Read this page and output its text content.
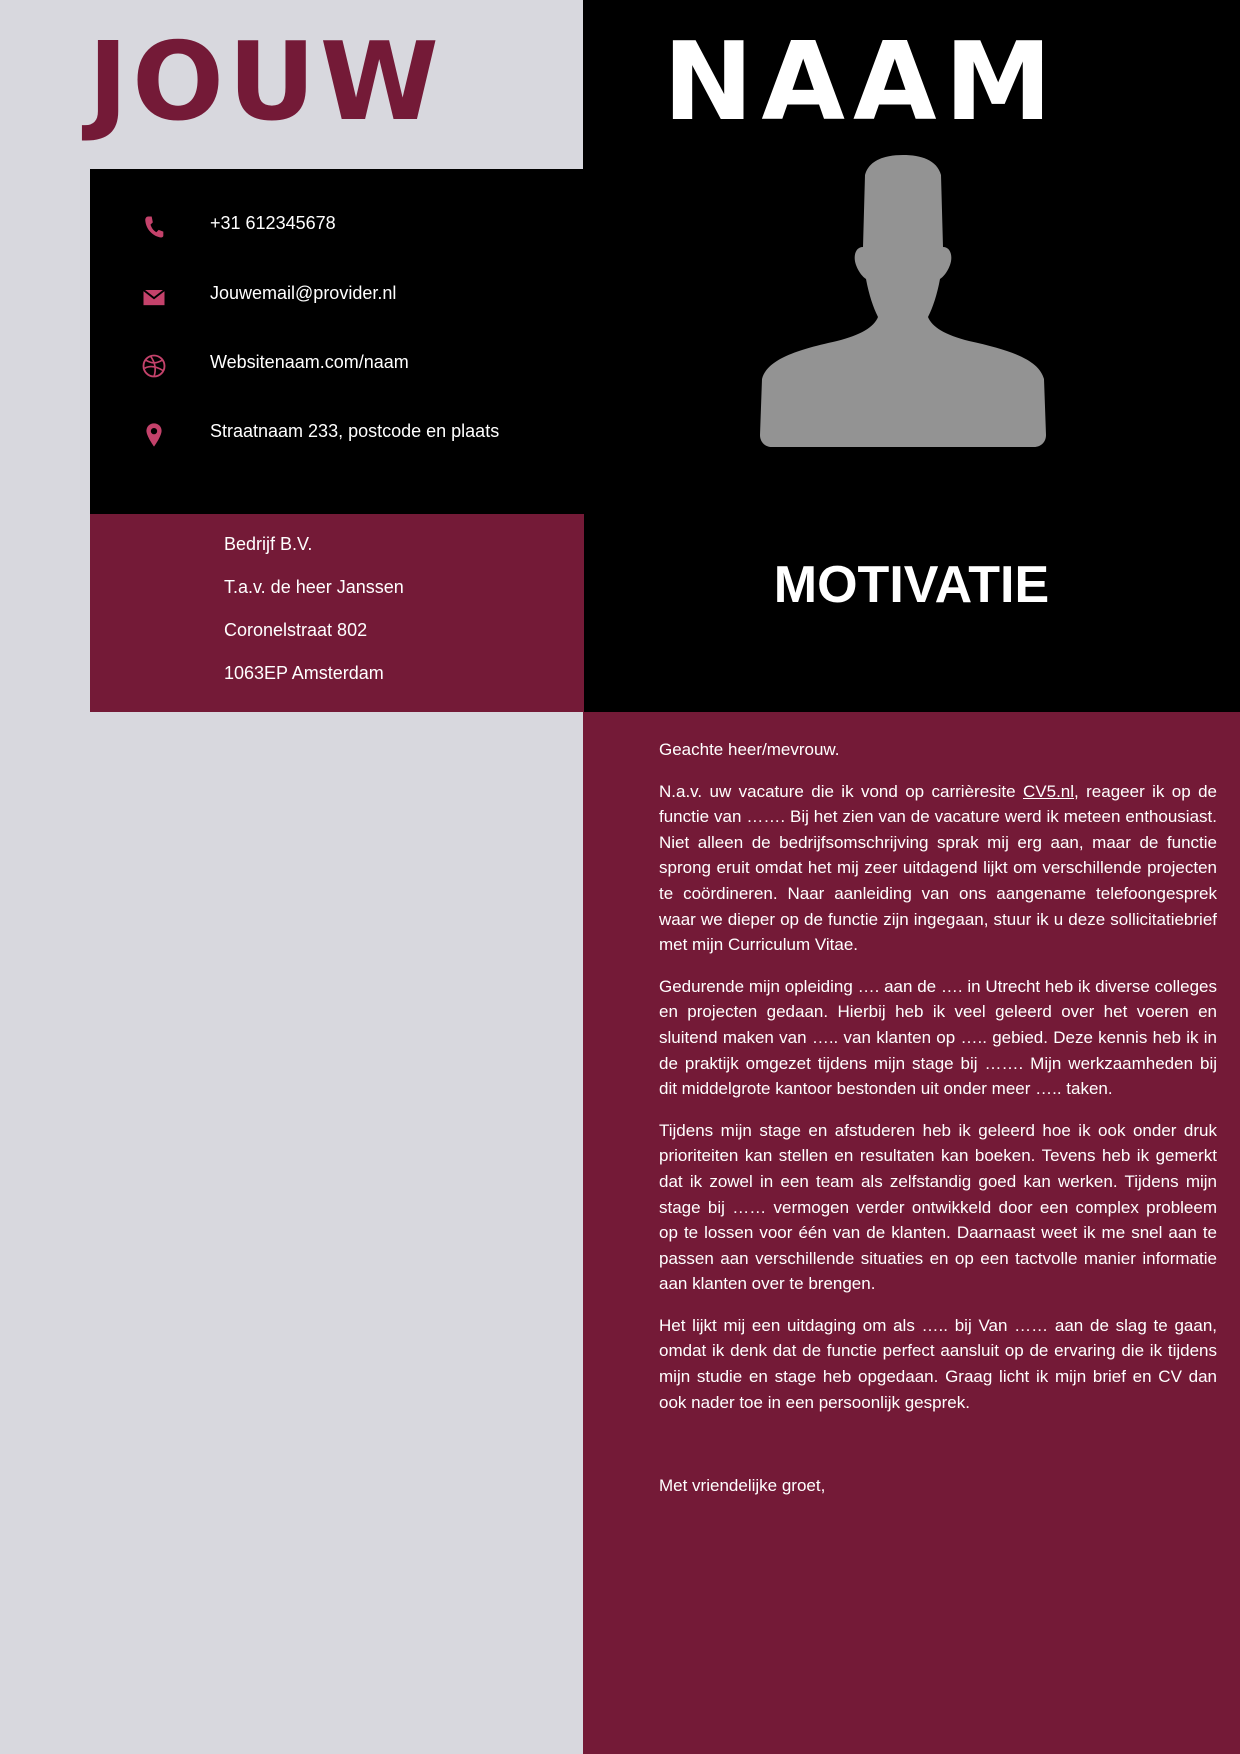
JOUW NAAM
+31 612345678
Jouwemail@provider.nl
Websitenaam.com/naam
Straatnaam 233, postcode en plaats
Bedrijf B.V.
T.a.v. de heer Janssen
Coronelstraat 802
1063EP Amsterdam
MOTIVATIE

Geachte heer/mevrouw.

N.a.v. uw vacature die ik vond op carrièresite CV5.nl, reageer ik op de functie van ……. Bij het zien van de vacature werd ik meteen enthousiast. Niet alleen de bedrijfsomschrijving sprak mij erg aan, maar de functie sprong eruit omdat het mij zeer uitdagend lijkt om verschillende projecten te coördineren. Naar aanleiding van ons aangename telefoongesprek waar we dieper op de functie zijn ingegaan, stuur ik u deze sollicitatiebrief met mijn Curriculum Vitae.

Gedurende mijn opleiding …. aan de …. in Utrecht heb ik diverse colleges en projecten gedaan. Hierbij heb ik veel geleerd over het voeren en sluitend maken van ….. van klanten op ….. gebied. Deze kennis heb ik in de praktijk omgezet tijdens mijn stage bij ……. Mijn werkzaamheden bij dit middelgrote kantoor bestonden uit onder meer ….. taken.

Tijdens mijn stage en afstuderen heb ik geleerd hoe ik ook onder druk prioriteiten kan stellen en resultaten kan boeken. Tevens heb ik gemerkt dat ik zowel in een team als zelfstandig goed kan werken. Tijdens mijn stage bij …… vermogen verder ontwikkeld door een complex probleem op te lossen voor één van de klanten. Daarnaast weet ik me snel aan te passen aan verschillende situaties en op een tactvolle manier informatie aan klanten over te brengen.

Het lijkt mij een uitdaging om als ….. bij Van …… aan de slag te gaan, omdat ik denk dat de functie perfect aansluit op de ervaring die ik tijdens mijn studie en stage heb opgedaan. Graag licht ik mijn brief en CV dan ook nader toe in een persoonlijk gesprek.

Met vriendelijke groet,
